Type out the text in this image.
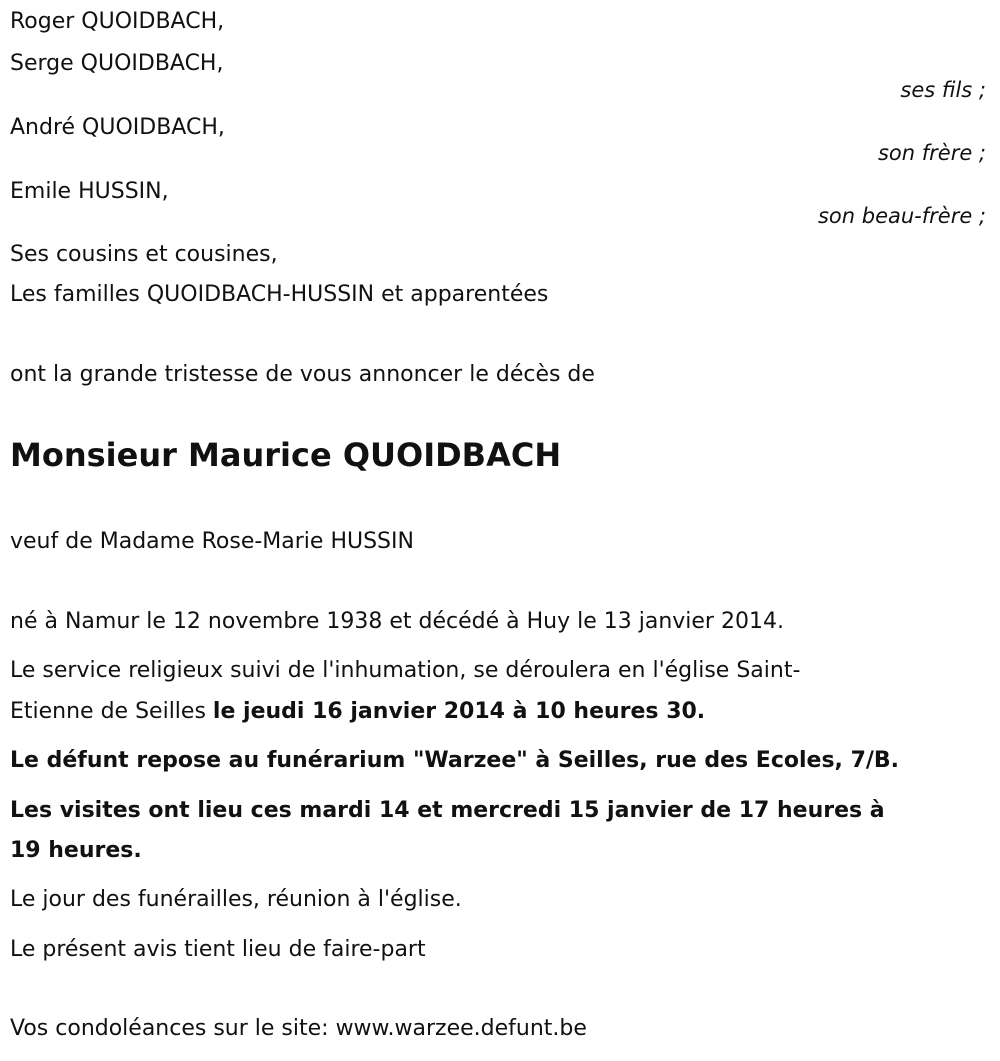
Roger QUOIDBACH,
Serge QUOIDBACH,
ses fils ;
André QUOIDBACH,
son frère ;
Emile HUSSIN,
son beau-frère ;
Ses cousins et cousines,
Les familles QUOIDBACH-HUSSIN et apparentées
ont la grande tristesse de vous annoncer le décès de
Monsieur Maurice QUOIDBACH
veuf de Madame Rose-Marie HUSSIN
né à Namur le 12 novembre 1938 et décédé à Huy le 13 janvier 2014.
Le service religieux suivi de l'inhumation, se déroulera en l'église Saint-
Etienne de Seilles le jeudi 16 janvier 2014 à 10 heures 30.
Le défunt repose au funérarium "Warzee" à Seilles, rue des Ecoles, 7/B.
Les visites ont lieu ces mardi 14 et mercredi 15 janvier de 17 heures à
19 heures.
Le jour des funérailles, réunion à l'église.
Le présent avis tient lieu de faire-part
Vos condoléances sur le site: www.warzee.defunt.be
